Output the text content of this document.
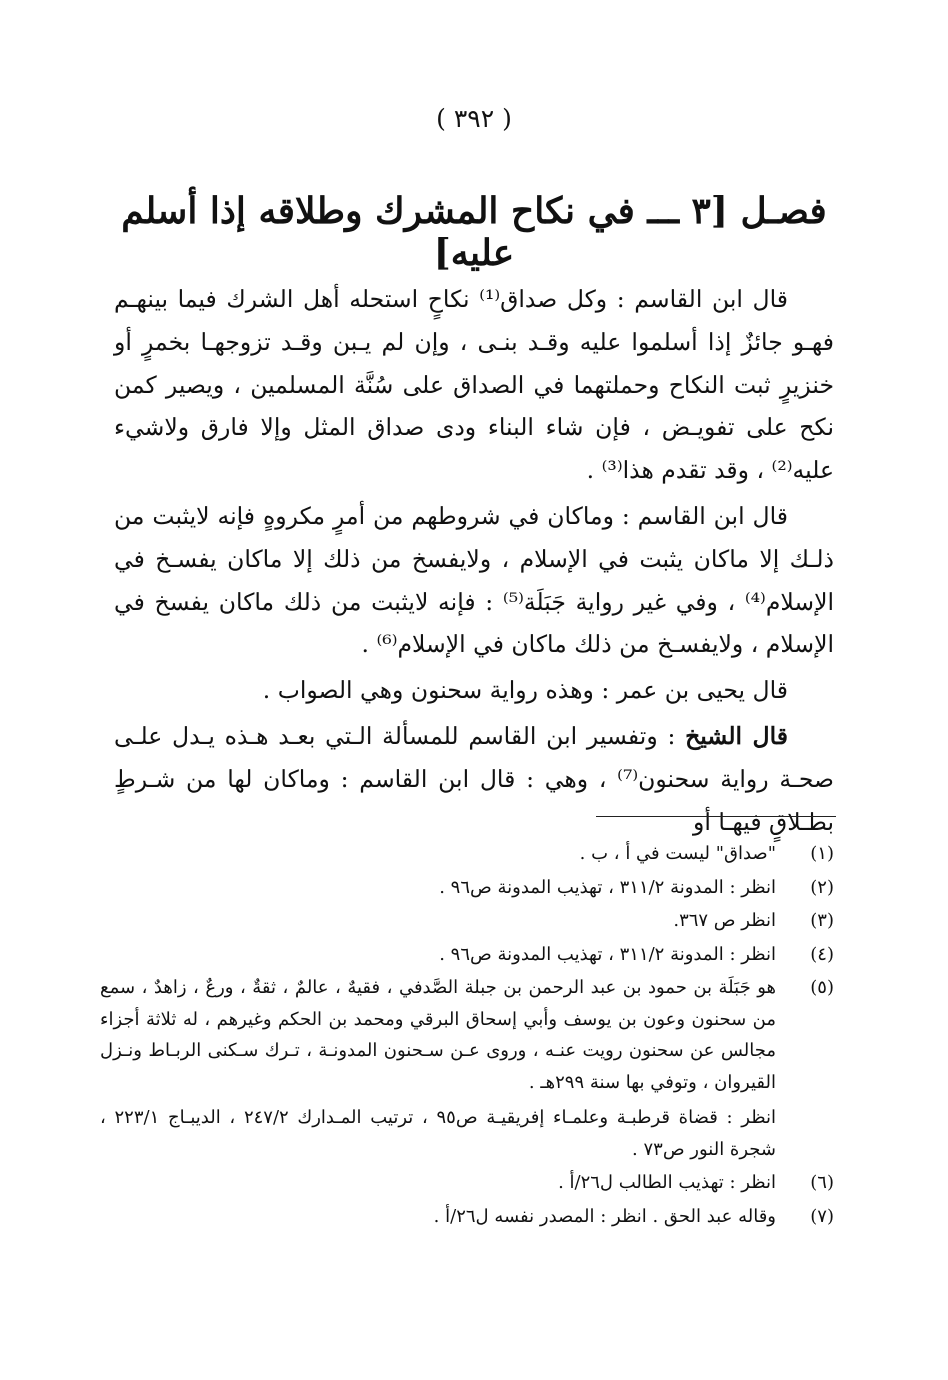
( ٣٩٢ )
فصـل [٣ ـــ في نكاح المشرك وطلاقه إذا أسلم عليه]

قال ابن القاسم : وكل صداق⁽¹⁾ نكاحٍ استحله أهل الشرك فيما بينهـم فهـو جائزٌ إذا أسلموا عليه وقـد بنـى ، وإن لم يـبن وقـد تزوجهـا بخمرٍ أو خنزيرٍ ثبت النكاح وحملتهما في الصداق على سُنَّة المسلمين ، ويصير كمن نكح على تفويـض ، فإن شاء البناء ودى صداق المثل وإلا فارق ولاشيء عليه⁽²⁾ ، وقد تقدم هذا⁽³⁾ .

قال ابن القاسم : وماكان في شروطهم من أمرٍ مكروهٍ فإنه لايثبت من ذلـك إلا ماكان يثبت في الإسلام ، ولايفسخ من ذلك إلا ماكان يفسـخ في الإسلام⁽⁴⁾ ، وفي غير رواية جَبَلَة⁽⁵⁾ : فإنه لايثبت من ذلك ماكان يفسخ في الإسلام ، ولايفسـخ من ذلك ماكان في الإسلام⁽⁶⁾ .

قال يحيى بن عمر : وهذه رواية سحنون وهي الصواب .

قال الشيخ : وتفسير ابن القاسم للمسألة الـتي بعـد هـذه يـدل علـى صحـة رواية سحنون⁽⁷⁾ ، وهي : قال ابن القاسم : وماكان لها من شـرطٍ بطـلاقٍ فيهـا أو

(١)
"صداق" ليست في أ ، ب .
(٢)
انظر : المدونة ٣١١/٢ ، تهذيب المدونة ص٩٦ .
(٣)
انظر ص ٣٦٧.
(٤)
انظر : المدونة ٣١١/٢ ، تهذيب المدونة ص٩٦ .
(٥)
هو جَبَلَة بن حمود بن عبد الرحمن بن جبلة الصَّدفي ، فقيهٌ ، عالمٌ ، ثقةٌ ، ورعٌ ، زاهدٌ ، سمع من سحنون وعون بن يوسف وأبي إسحاق البرقي ومحمد بن الحكم وغيرهم ، له ثلاثة أجزاء مجالس عن سحنون رويت عنـه ، وروى عـن سـحنون المدونـة ، تـرك سـكنى الربـاط ونـزل القيروان ، وتوفي بها سنة ٢٩٩هـ .
انظر : قضاة قرطبـة وعلمـاء إفريقيـة ص٩٥ ، ترتيب المـدارك ٢٤٧/٢ ، الديبـاج ٢٢٣/١ ، شجرة النور ص٧٣ .
(٦)
انظر : تهذيب الطالب ل٢٦/أ .
(٧)
وقاله عبد الحق . انظر : المصدر نفسه ل٢٦/أ .
